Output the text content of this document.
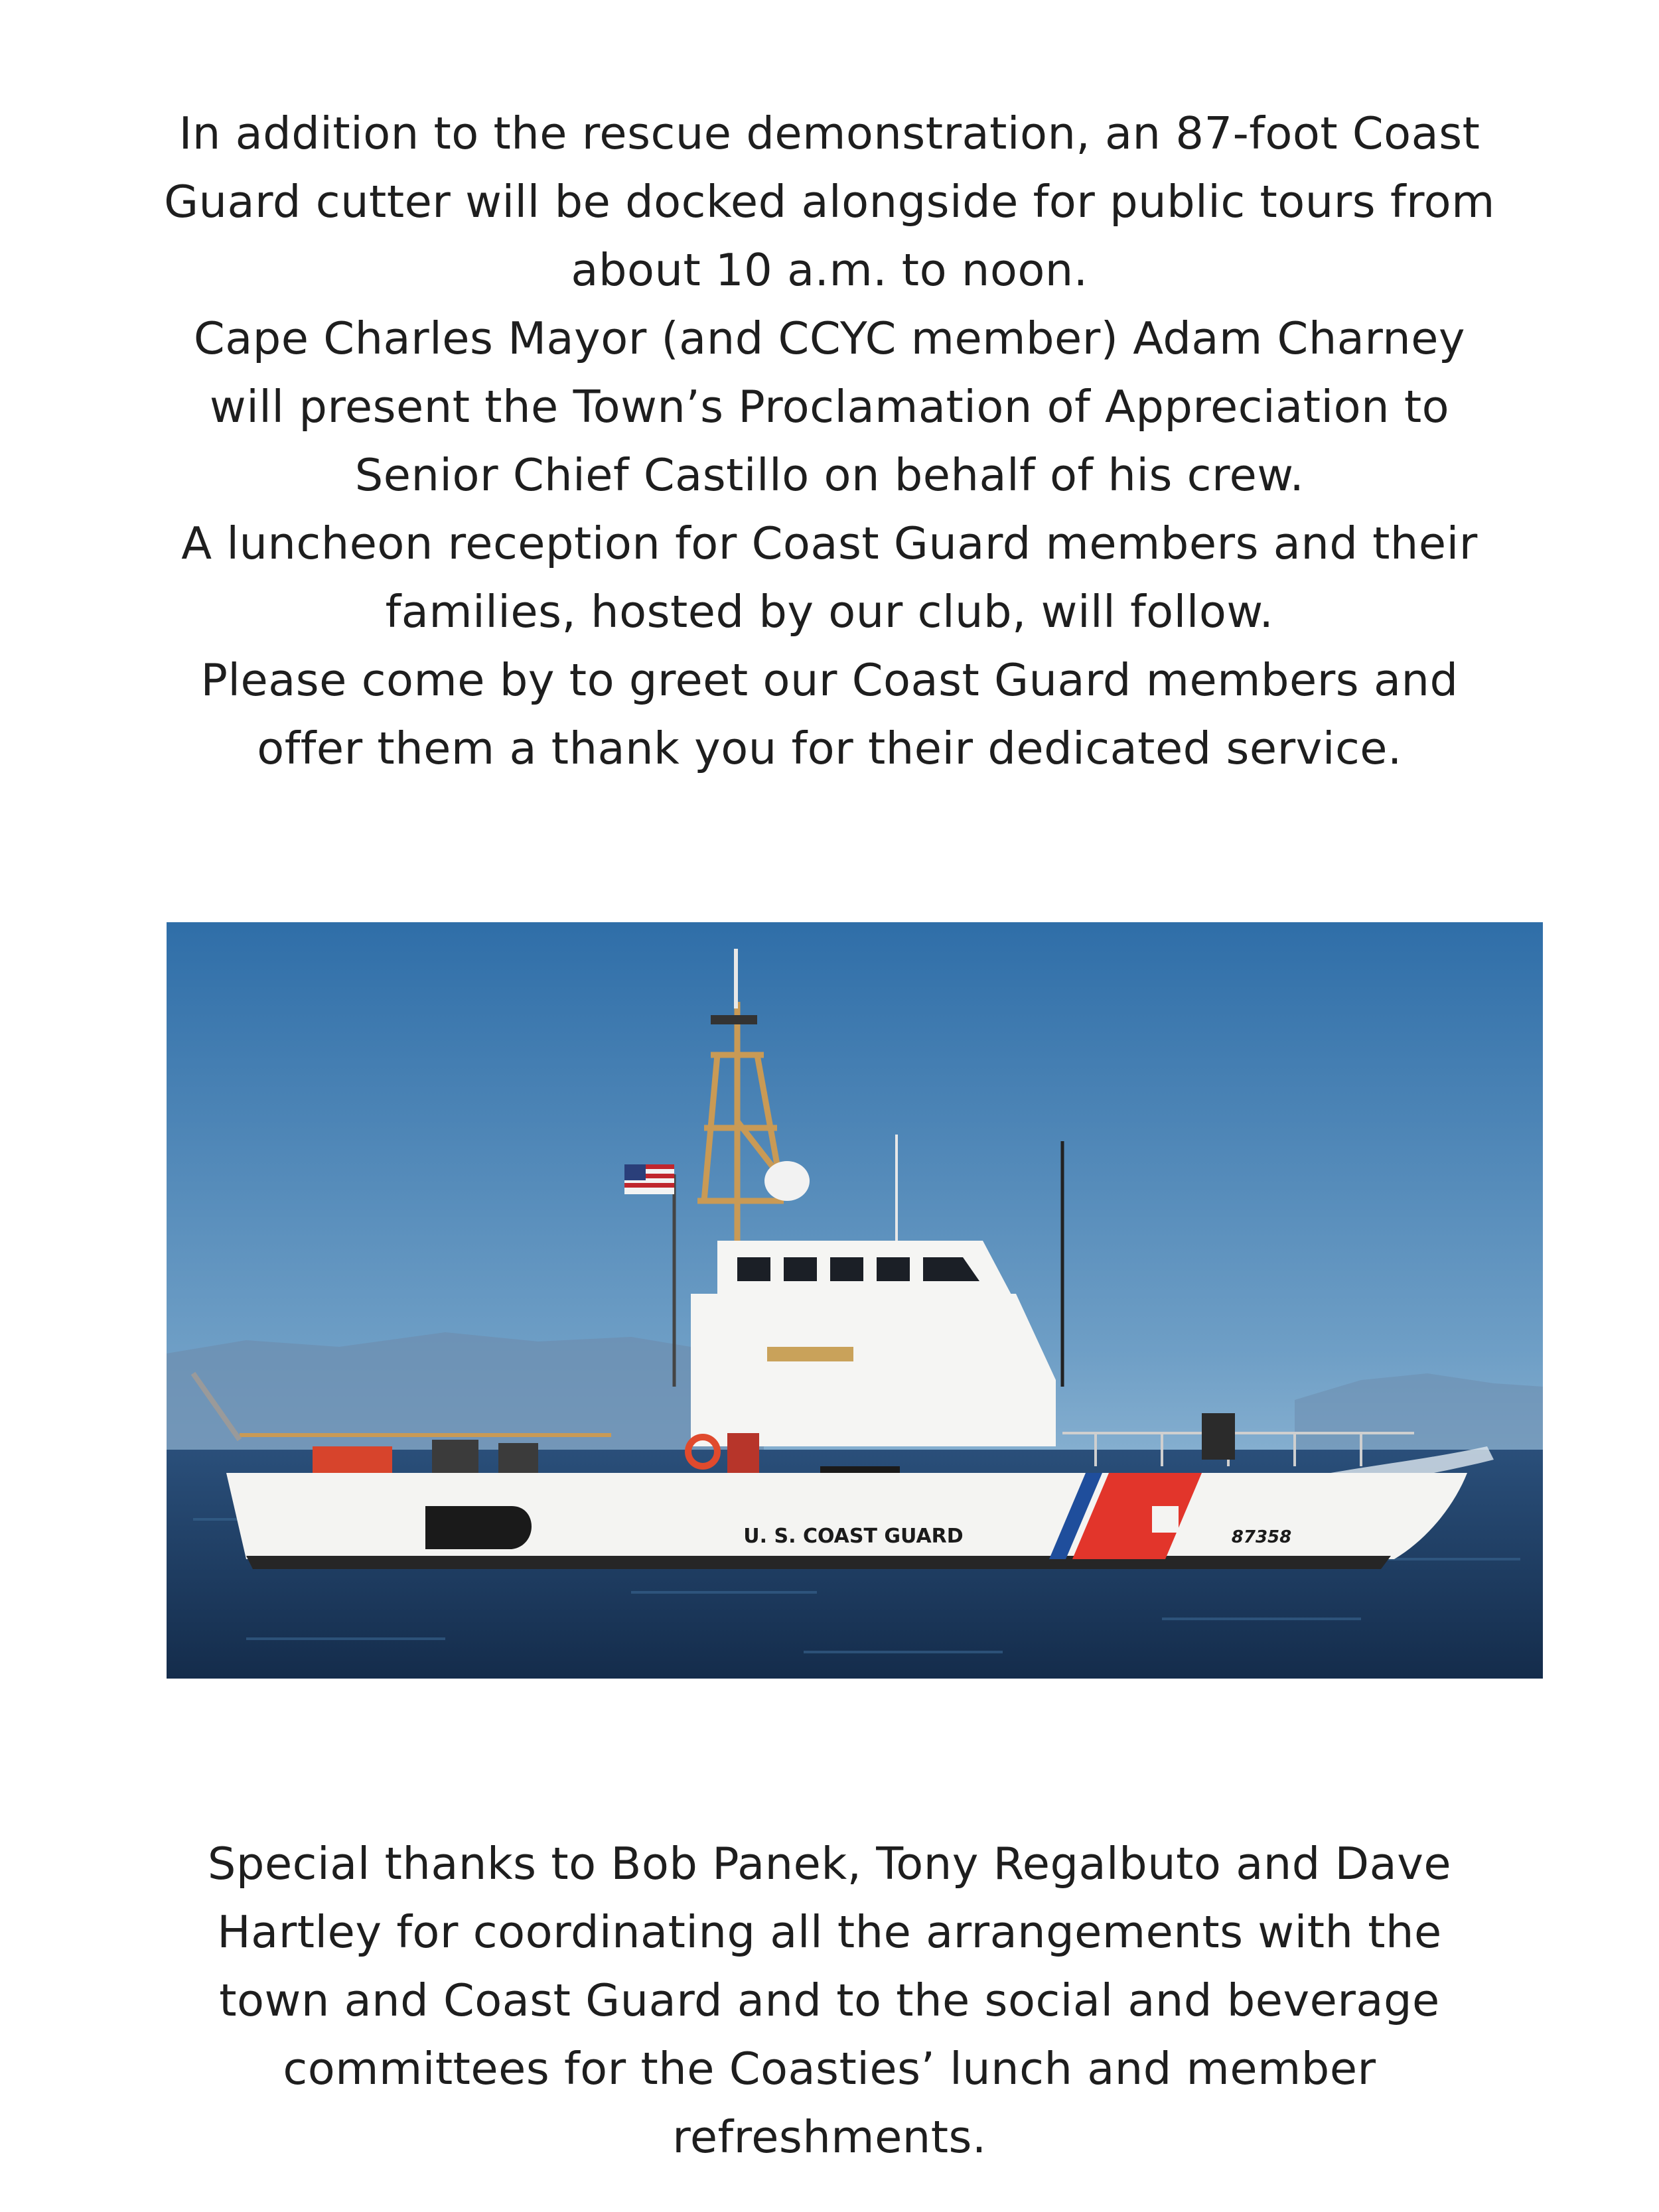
In addition to the rescue demonstration, an 87-foot Coast
Guard cutter will be docked alongside for public tours from
about 10 a.m. to noon.
Cape Charles Mayor (and CCYC member) Adam Charney
will present the Town’s Proclamation of Appreciation to
Senior Chief Castillo on behalf of his crew.
A luncheon reception for Coast Guard members and their
families, hosted by our club, will follow.
Please come by to greet our Coast Guard members and
offer them a thank you for their dedicated service.
U. S. COAST GUARD	87358
Special thanks to Bob Panek, Tony Regalbuto and Dave
Hartley for coordinating all the arrangements with the
town and Coast Guard and to the social and beverage
committees for the Coasties’ lunch and member
refreshments.
